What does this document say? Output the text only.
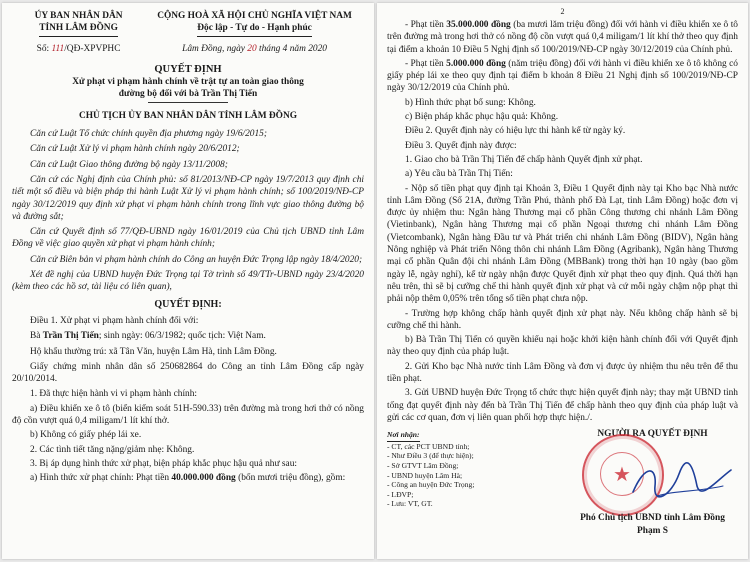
ÚY BAN NHÂN DÂN

TỈNH LÂM ĐỒNG

CỘNG HOÀ XÃ HỘI CHỦ NGHĨA VIỆT NAM

Độc lập - Tự do - Hạnh phúc

Số: 111/QĐ-XPVPHC	Lâm Đồng, ngày 20 tháng 4 năm 2020

QUYẾT ĐỊNH

Xử phạt vi phạm hành chính về trật tự an toàn giao thông

đường bộ đối với bà Trần Thị Tiến

CHỦ TỊCH ỦY BAN NHÂN DÂN TỈNH LÂM ĐỒNG

Căn cứ Luật Tổ chức chính quyền địa phương ngày 19/6/2015;

Căn cứ Luật Xử lý vi phạm hành chính ngày 20/6/2012;

Căn cứ Luật Giao thông đường bộ ngày 13/11/2008;

Căn cứ các Nghị định của Chính phủ: số 81/2013/NĐ-CP ngày 19/7/2013 quy định chi tiết một số điều và biện pháp thi hành Luật Xử lý vi phạm hành chính; số 100/2019/NĐ-CP ngày 30/12/2019 quy định xử phạt vi phạm hành chính trong lĩnh vực giao thông đường bộ và đường sắt;

Căn cứ Quyết định số 77/QĐ-UBND ngày 16/01/2019 của Chủ tịch UBND tỉnh Lâm Đồng về việc giao quyền xử phạt vi phạm hành chính;

Căn cứ Biên bản vi phạm hành chính do Công an huyện Đức Trọng lập ngày 18/4/2020;

Xét đề nghị của UBND huyện Đức Trọng tại Tờ trình số 49/TTr-UBND ngày 23/4/2020 (kèm theo các hồ sơ, tài liệu có liên quan),

QUYẾT ĐỊNH:

Điều 1. Xử phạt vi phạm hành chính đối với:

Bà Trần Thị Tiến; sinh ngày: 06/3/1982; quốc tịch: Việt Nam.

Hộ khẩu thường trú: xã Tân Văn, huyện Lâm Hà, tỉnh Lâm Đồng.

Giấy chứng minh nhân dân số 250682864 do Công an tỉnh Lâm Đồng cấp ngày 20/10/2014.

1. Đã thực hiện hành vi vi phạm hành chính:

a) Điều khiển xe ô tô (biển kiểm soát 51H-590.33) trên đường mà trong hơi thở có nồng độ cồn vượt quá 0,4 miligam/1 lít khí thở.

b) Không có giấy phép lái xe.

2. Các tình tiết tăng nặng/giảm nhẹ: Không.

3. Bị áp dụng hình thức xử phạt, biện pháp khắc phục hậu quả như sau:

a) Hình thức xử phạt chính: Phạt tiền 40.000.000 đồng (bốn mươi triệu đồng), gồm:

2

- Phạt tiền 35.000.000 đồng (ba mươi lăm triệu đồng) đối với hành vi điều khiển xe ô tô trên đường mà trong hơi thở có nồng độ cồn vượt quá 0,4 miligam/1 lít khí thở theo quy định tại điểm a khoản 10 Điều 5 Nghị định số 100/2019/NĐ-CP ngày 30/12/2019 của Chính phủ.

- Phạt tiền 5.000.000 đồng (năm triệu đồng) đối với hành vi điều khiển xe ô tô không có giấy phép lái xe theo quy định tại điểm b khoản 8 Điều 21 Nghị định số 100/2019/NĐ-CP ngày 30/12/2019 của Chính phủ.

b) Hình thức phạt bổ sung: Không.

c) Biện pháp khắc phục hậu quả: Không.

Điều 2. Quyết định này có hiệu lực thi hành kể từ ngày ký.

Điều 3. Quyết định này được:

1. Giao cho bà Trần Thị Tiến để chấp hành Quyết định xử phạt.

a) Yêu cầu bà Trần Thị Tiến:

- Nộp số tiền phạt quy định tại Khoản 3, Điều 1 Quyết định này tại Kho bạc Nhà nước tỉnh Lâm Đồng (Số 21A, đường Trần Phú, thành phố Đà Lạt, tỉnh Lâm Đồng) hoặc đơn vị được ủy nhiệm thu: Ngân hàng Thương mại cổ phần Công thương chi nhánh Lâm Đồng (Vietinbank), Ngân hàng Thương mại cổ phần Ngoại thương chi nhánh Lâm Đồng (Vietcombank), Ngân hàng Đầu tư và Phát triển chi nhánh Lâm Đồng (BIDV), Ngân hàng Nông nghiệp và Phát triển Nông thôn chi nhánh Lâm Đồng (Agribank), Ngân hàng Thương mại cổ phần Quân đội chi nhánh Lâm Đồng (MBBank) trong thời hạn 10 ngày (bao gồm ngày lễ, ngày nghỉ), kể từ ngày nhận được Quyết định xử phạt theo quy định. Quá thời hạn nêu trên, thì sẽ bị cưỡng chế thi hành quyết định xử phạt và cứ mỗi ngày chậm nộp phạt thì phải nộp thêm 0,05% trên tổng số tiền phạt chưa nộp.

- Trường hợp không chấp hành quyết định xử phạt này. Nếu không chấp hành sẽ bị cưỡng chế thi hành.

b) Bà Trần Thị Tiến có quyền khiếu nại hoặc khởi kiện hành chính đối với Quyết định này theo quy định của pháp luật.

2. Gửi Kho bạc Nhà nước tỉnh Lâm Đồng và đơn vị được ủy nhiệm thu nêu trên để thu tiền phạt.

3. Gửi UBND huyện Đức Trọng tổ chức thực hiện quyết định này; thay mặt UBND tỉnh tống đạt quyết định này đến bà Trần Thị Tiến để chấp hành theo quy định của pháp luật và gửi các cơ quan, đơn vị liên quan phối hợp thực hiện./.

Nơi nhận:

- CT, các PCT UBND tỉnh;

- Như Điều 3 (để thực hiện);

- Sở GTVT Lâm Đồng;

- UBND huyện Lâm Hà;

- Công an huyện Đức Trọng;

- LĐVP;

- Lưu: VT, GT.

NGƯỜI RA QUYẾT ĐỊNH

★

Phó Chủ tịch UBND tỉnh Lâm Đồng

Phạm S
